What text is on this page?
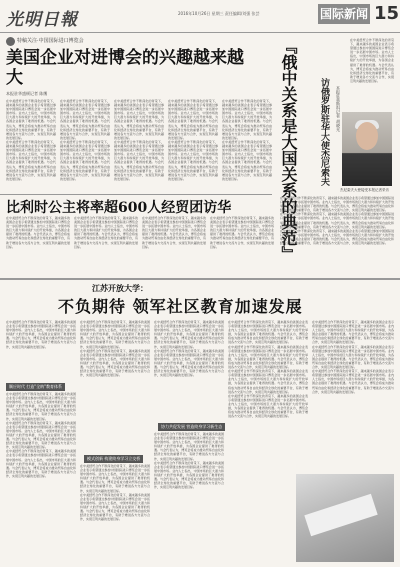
光明日報	2016年10月26日 星期三 责任编辑/刘强 张芸	国际新闻 15
特稿关注·中国国际进口博览会
美国企业对进博会的兴趣越来越大
本报驻华盛顿记者 陈鹰

在中美经贸合作不断深化的背景下，越来越多的美国企业表示希望通过参加中国国际进口博览会进一步拓展中国市场。业内人士指出，中国市场的巨大潜力和持续扩大的开放举措，为各国企业提供了难得的机遇。与会代表认为，博览会将成为推动贸易自由化和经济全球化的重要平台，有助于增进各方交流与合作，实现互利共赢的发展目标。

在中美经贸合作不断深化的背景下，越来越多的美国企业表示希望通过参加中国国际进口博览会进一步拓展中国市场。业内人士指出，中国市场的巨大潜力和持续扩大的开放举措，为各国企业提供了难得的机遇。与会代表认为，博览会将成为推动贸易自由化和经济全球化的重要平台，有助于增进各方交流与合作，实现互利共赢的发展目标。

在中美经贸合作不断深化的背景下，越来越多的美国企业表示希望通过参加中国国际进口博览会进一步拓展中国市场。业内人士指出，中国市场的巨大潜力和持续扩大的开放举措，为各国企业提供了难得的机遇。与会代表认为，博览会将成为推动贸易自由化和经济全球化的重要平台，有助于增进各方交流与合作，实现互利共赢的发展目标。

在中美经贸合作不断深化的背景下，越来越多的美国企业表示希望通过参加中国国际进口博览会进一步拓展中国市场。业内人士指出，中国市场的巨大潜力和持续扩大的开放举措，为各国企业提供了难得的机遇。与会代表认为，博览会将成为推动贸易自由化和经济全球化的重要平台，有助于增进各方交流与合作，实现互利共赢的发展目标。

在中美经贸合作不断深化的背景下，越来越多的美国企业表示希望通过参加中国国际进口博览会进一步拓展中国市场。业内人士指出，中国市场的巨大潜力和持续扩大的开放举措，为各国企业提供了难得的机遇。与会代表认为，博览会将成为推动贸易自由化和经济全球化的重要平台，有助于增进各方交流与合作，实现互利共赢的发展目标。

在中美经贸合作不断深化的背景下，越来越多的美国企业表示希望通过参加中国国际进口博览会进一步拓展中国市场。业内人士指出，中国市场的巨大潜力和持续扩大的开放举措，为各国企业提供了难得的机遇。与会代表认为，博览会将成为推动贸易自由化和经济全球化的重要平台，有助于增进各方交流与合作，实现互利共赢的发展目标。

在中美经贸合作不断深化的背景下，越来越多的美国企业表示希望通过参加中国国际进口博览会进一步拓展中国市场。业内人士指出，中国市场的巨大潜力和持续扩大的开放举措，为各国企业提供了难得的机遇。与会代表认为，博览会将成为推动贸易自由化和经济全球化的重要平台，有助于增进各方交流与合作，实现互利共赢的发展目标。

在中美经贸合作不断深化的背景下，越来越多的美国企业表示希望通过参加中国国际进口博览会进一步拓展中国市场。业内人士指出，中国市场的巨大潜力和持续扩大的开放举措，为各国企业提供了难得的机遇。与会代表认为，博览会将成为推动贸易自由化和经济全球化的重要平台，有助于增进各方交流与合作，实现互利共赢的发展目标。

在中美经贸合作不断深化的背景下，越来越多的美国企业表示希望通过参加中国国际进口博览会进一步拓展中国市场。业内人士指出，中国市场的巨大潜力和持续扩大的开放举措，为各国企业提供了难得的机遇。与会代表认为，博览会将成为推动贸易自由化和经济全球化的重要平台，有助于增进各方交流与合作，实现互利共赢的发展目标。

在中美经贸合作不断深化的背景下，越来越多的美国企业表示希望通过参加中国国际进口博览会进一步拓展中国市场。业内人士指出，中国市场的巨大潜力和持续扩大的开放举措，为各国企业提供了难得的机遇。与会代表认为，博览会将成为推动贸易自由化和经济全球化的重要平台，有助于增进各方交流与合作，实现互利共赢的发展目标。	『俄中关系是大国关系的典范』 访俄罗斯驻华大使杰尼索夫	本报驻莫斯科记者 胡晓光

在中美经贸合作不断深化的背景下，越来越多的美国企业表示希望通过参加中国国际进口博览会进一步拓展中国市场。业内人士指出，中国市场的巨大潜力和持续扩大的开放举措，为各国企业提供了难得的机遇。与会代表认为，博览会将成为推动贸易自由化和经济全球化的重要平台，有助于增进各方交流与合作，实现互利共赢的发展目标。

杰尼索夫大使接受本报记者采访

在中美经贸合作不断深化的背景下，越来越多的美国企业表示希望通过参加中国国际进口博览会进一步拓展中国市场。业内人士指出，中国市场的巨大潜力和持续扩大的开放举措，为各国企业提供了难得的机遇。与会代表认为，博览会将成为推动贸易自由化和经济全球化的重要平台，有助于增进各方交流与合作，实现互利共赢的发展目标。

在中美经贸合作不断深化的背景下，越来越多的美国企业表示希望通过参加中国国际进口博览会进一步拓展中国市场。业内人士指出，中国市场的巨大潜力和持续扩大的开放举措，为各国企业提供了难得的机遇。与会代表认为，博览会将成为推动贸易自由化和经济全球化的重要平台，有助于增进各方交流与合作，实现互利共赢的发展目标。

在中美经贸合作不断深化的背景下，越来越多的美国企业表示希望通过参加中国国际进口博览会进一步拓展中国市场。业内人士指出，中国市场的巨大潜力和持续扩大的开放举措，为各国企业提供了难得的机遇。与会代表认为，博览会将成为推动贸易自由化和经济全球化的重要平台，有助于增进各方交流与合作，实现互利共赢的发展目标。

比利时公主将率超600人经贸团访华

在中美经贸合作不断深化的背景下，越来越多的美国企业表示希望通过参加中国国际进口博览会进一步拓展中国市场。业内人士指出，中国市场的巨大潜力和持续扩大的开放举措，为各国企业提供了难得的机遇。与会代表认为，博览会将成为推动贸易自由化和经济全球化的重要平台，有助于增进各方交流与合作，实现互利共赢的发展目标。

在中美经贸合作不断深化的背景下，越来越多的美国企业表示希望通过参加中国国际进口博览会进一步拓展中国市场。业内人士指出，中国市场的巨大潜力和持续扩大的开放举措，为各国企业提供了难得的机遇。与会代表认为，博览会将成为推动贸易自由化和经济全球化的重要平台，有助于增进各方交流与合作，实现互利共赢的发展目标。

在中美经贸合作不断深化的背景下，越来越多的美国企业表示希望通过参加中国国际进口博览会进一步拓展中国市场。业内人士指出，中国市场的巨大潜力和持续扩大的开放举措，为各国企业提供了难得的机遇。与会代表认为，博览会将成为推动贸易自由化和经济全球化的重要平台，有助于增进各方交流与合作，实现互利共赢的发展目标。

在中美经贸合作不断深化的背景下，越来越多的美国企业表示希望通过参加中国国际进口博览会进一步拓展中国市场。业内人士指出，中国市场的巨大潜力和持续扩大的开放举措，为各国企业提供了难得的机遇。与会代表认为，博览会将成为推动贸易自由化和经济全球化的重要平台，有助于增进各方交流与合作，实现互利共赢的发展目标。

江苏开放大学：
不负期待 领军社区教育加速发展

在中美经贸合作不断深化的背景下，越来越多的美国企业表示希望通过参加中国国际进口博览会进一步拓展中国市场。业内人士指出，中国市场的巨大潜力和持续扩大的开放举措，为各国企业提供了难得的机遇。与会代表认为，博览会将成为推动贸易自由化和经济全球化的重要平台，有助于增进各方交流与合作，实现互利共赢的发展目标。

顺应时代 打造"全纳"教育体系

在中美经贸合作不断深化的背景下，越来越多的美国企业表示希望通过参加中国国际进口博览会进一步拓展中国市场。业内人士指出，中国市场的巨大潜力和持续扩大的开放举措，为各国企业提供了难得的机遇。与会代表认为，博览会将成为推动贸易自由化和经济全球化的重要平台，有助于增进各方交流与合作，实现互利共赢的发展目标。

在中美经贸合作不断深化的背景下，越来越多的美国企业表示希望通过参加中国国际进口博览会进一步拓展中国市场。业内人士指出，中国市场的巨大潜力和持续扩大的开放举措，为各国企业提供了难得的机遇。与会代表认为，博览会将成为推动贸易自由化和经济全球化的重要平台，有助于增进各方交流与合作，实现互利共赢的发展目标。

在中美经贸合作不断深化的背景下，越来越多的美国企业表示希望通过参加中国国际进口博览会进一步拓展中国市场。业内人士指出，中国市场的巨大潜力和持续扩大的开放举措，为各国企业提供了难得的机遇。与会代表认为，博览会将成为推动贸易自由化和经济全球化的重要平台，有助于增进各方交流与合作，实现互利共赢的发展目标。

在中美经贸合作不断深化的背景下，越来越多的美国企业表示希望通过参加中国国际进口博览会进一步拓展中国市场。业内人士指出，中国市场的巨大潜力和持续扩大的开放举措，为各国企业提供了难得的机遇。与会代表认为，博览会将成为推动贸易自由化和经济全球化的重要平台，有助于增进各方交流与合作，实现互利共赢的发展目标。

在中美经贸合作不断深化的背景下，越来越多的美国企业表示希望通过参加中国国际进口博览会进一步拓展中国市场。业内人士指出，中国市场的巨大潜力和持续扩大的开放举措，为各国企业提供了难得的机遇。与会代表认为，博览会将成为推动贸易自由化和经济全球化的重要平台，有助于增进各方交流与合作，实现互利共赢的发展目标。

模式创新 构建终身学习立交桥

在中美经贸合作不断深化的背景下，越来越多的美国企业表示希望通过参加中国国际进口博览会进一步拓展中国市场。业内人士指出，中国市场的巨大潜力和持续扩大的开放举措，为各国企业提供了难得的机遇。与会代表认为，博览会将成为推动贸易自由化和经济全球化的重要平台，有助于增进各方交流与合作，实现互利共赢的发展目标。

在中美经贸合作不断深化的背景下，越来越多的美国企业表示希望通过参加中国国际进口博览会进一步拓展中国市场。业内人士指出，中国市场的巨大潜力和持续扩大的开放举措，为各国企业提供了难得的机遇。与会代表认为，博览会将成为推动贸易自由化和经济全球化的重要平台，有助于增进各方交流与合作，实现互利共赢的发展目标。

在中美经贸合作不断深化的背景下，越来越多的美国企业表示希望通过参加中国国际进口博览会进一步拓展中国市场。业内人士指出，中国市场的巨大潜力和持续扩大的开放举措，为各国企业提供了难得的机遇。与会代表认为，博览会将成为推动贸易自由化和经济全球化的重要平台，有助于增进各方交流与合作，实现互利共赢的发展目标。

在中美经贸合作不断深化的背景下，越来越多的美国企业表示希望通过参加中国国际进口博览会进一步拓展中国市场。业内人士指出，中国市场的巨大潜力和持续扩大的开放举措，为各国企业提供了难得的机遇。与会代表认为，博览会将成为推动贸易自由化和经济全球化的重要平台，有助于增进各方交流与合作，实现互利共赢的发展目标。

协力共促发展 营造终身学习新生态

在中美经贸合作不断深化的背景下，越来越多的美国企业表示希望通过参加中国国际进口博览会进一步拓展中国市场。业内人士指出，中国市场的巨大潜力和持续扩大的开放举措，为各国企业提供了难得的机遇。与会代表认为，博览会将成为推动贸易自由化和经济全球化的重要平台，有助于增进各方交流与合作，实现互利共赢的发展目标。

在中美经贸合作不断深化的背景下，越来越多的美国企业表示希望通过参加中国国际进口博览会进一步拓展中国市场。业内人士指出，中国市场的巨大潜力和持续扩大的开放举措，为各国企业提供了难得的机遇。与会代表认为，博览会将成为推动贸易自由化和经济全球化的重要平台，有助于增进各方交流与合作，实现互利共赢的发展目标。

在中美经贸合作不断深化的背景下，越来越多的美国企业表示希望通过参加中国国际进口博览会进一步拓展中国市场。业内人士指出，中国市场的巨大潜力和持续扩大的开放举措，为各国企业提供了难得的机遇。与会代表认为，博览会将成为推动贸易自由化和经济全球化的重要平台，有助于增进各方交流与合作，实现互利共赢的发展目标。

在中美经贸合作不断深化的背景下，越来越多的美国企业表示希望通过参加中国国际进口博览会进一步拓展中国市场。业内人士指出，中国市场的巨大潜力和持续扩大的开放举措，为各国企业提供了难得的机遇。与会代表认为，博览会将成为推动贸易自由化和经济全球化的重要平台，有助于增进各方交流与合作，实现互利共赢的发展目标。

在中美经贸合作不断深化的背景下，越来越多的美国企业表示希望通过参加中国国际进口博览会进一步拓展中国市场。业内人士指出，中国市场的巨大潜力和持续扩大的开放举措，为各国企业提供了难得的机遇。与会代表认为，博览会将成为推动贸易自由化和经济全球化的重要平台，有助于增进各方交流与合作，实现互利共赢的发展目标。

在中美经贸合作不断深化的背景下，越来越多的美国企业表示希望通过参加中国国际进口博览会进一步拓展中国市场。业内人士指出，中国市场的巨大潜力和持续扩大的开放举措，为各国企业提供了难得的机遇。与会代表认为，博览会将成为推动贸易自由化和经济全球化的重要平台，有助于增进各方交流与合作，实现互利共赢的发展目标。

在中美经贸合作不断深化的背景下，越来越多的美国企业表示希望通过参加中国国际进口博览会进一步拓展中国市场。业内人士指出，中国市场的巨大潜力和持续扩大的开放举措，为各国企业提供了难得的机遇。与会代表认为，博览会将成为推动贸易自由化和经济全球化的重要平台，有助于增进各方交流与合作，实现互利共赢的发展目标。

在中美经贸合作不断深化的背景下，越来越多的美国企业表示希望通过参加中国国际进口博览会进一步拓展中国市场。业内人士指出，中国市场的巨大潜力和持续扩大的开放举措，为各国企业提供了难得的机遇。与会代表认为，博览会将成为推动贸易自由化和经济全球化的重要平台，有助于增进各方交流与合作，实现互利共赢的发展目标。

在中美经贸合作不断深化的背景下，越来越多的美国企业表示希望通过参加中国国际进口博览会进一步拓展中国市场。业内人士指出，中国市场的巨大潜力和持续扩大的开放举措，为各国企业提供了难得的机遇。与会代表认为，博览会将成为推动贸易自由化和经济全球化的重要平台，有助于增进各方交流与合作，实现互利共赢的发展目标。
